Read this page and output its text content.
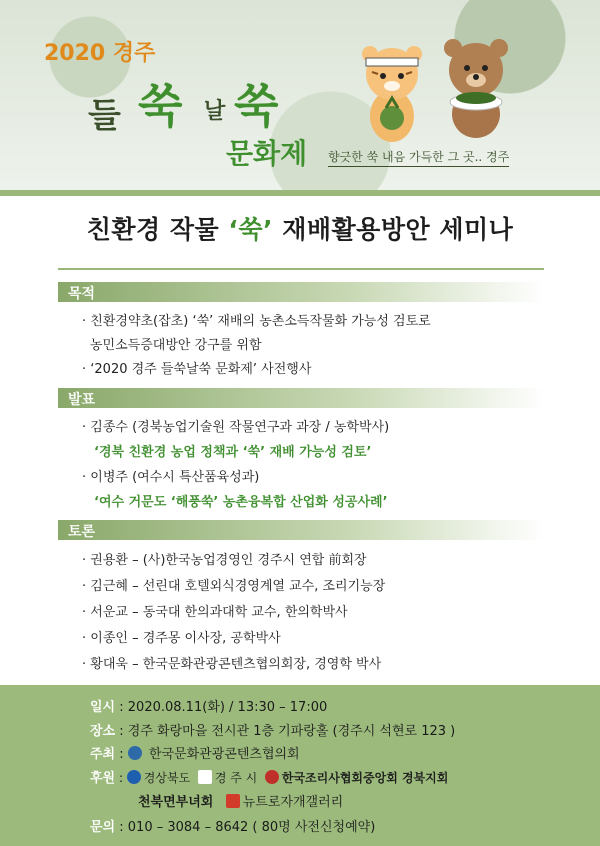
2020 경주
들 쑥 날 쑥
문화제 향긋한 쑥 내음 가득한 그 곳.. 경주
친환경 작물 ‘쑥’ 재배활용방안 세미나
목적
· 친환경약초(잡초) ‘쑥’ 재배의 농촌소득작물화 가능성 검토로
농민소득증대방안 강구를 위함
· ‘2020 경주 들쑥날쑥 문화제’ 사전행사
발표
· 김종수 (경북농업기술원 작물연구과 과장 / 농학박사)
‘경북 친환경 농업 정책과 ‘쑥’ 재배 가능성 검토’
· 이병주 (여수시 특산품육성과)
‘여수 거문도 ‘해풍쑥’ 농촌융복합 산업화 성공사례’
토론
· 권용환 – (사)한국농업경영인 경주시 연합 前회장
· 김근혜 – 선린대 호텔외식경영계열 교수, 조리기능장
· 서운교 – 동국대 한의과대학 교수, 한의학박사
· 이종인 – 경주몽 이사장, 공학박사
· 황대욱 – 한국문화관광콘텐츠협의회장, 경영학 박사
일시 : 2020.08.11(화) / 13:30 – 17:00
장소 : 경주 화랑마을 전시관 1층 기파랑홀 (경주시 석현로 123 )
주최 :  한국문화관광콘텐츠협의회
후원 : 경상북도 경 주 시 한국조리사협회중앙회 경북지회
천북면부녀회 뉴트로자개갤러리
문의 : 010 – 3084 – 8642 ( 80명 사전신청예약)
